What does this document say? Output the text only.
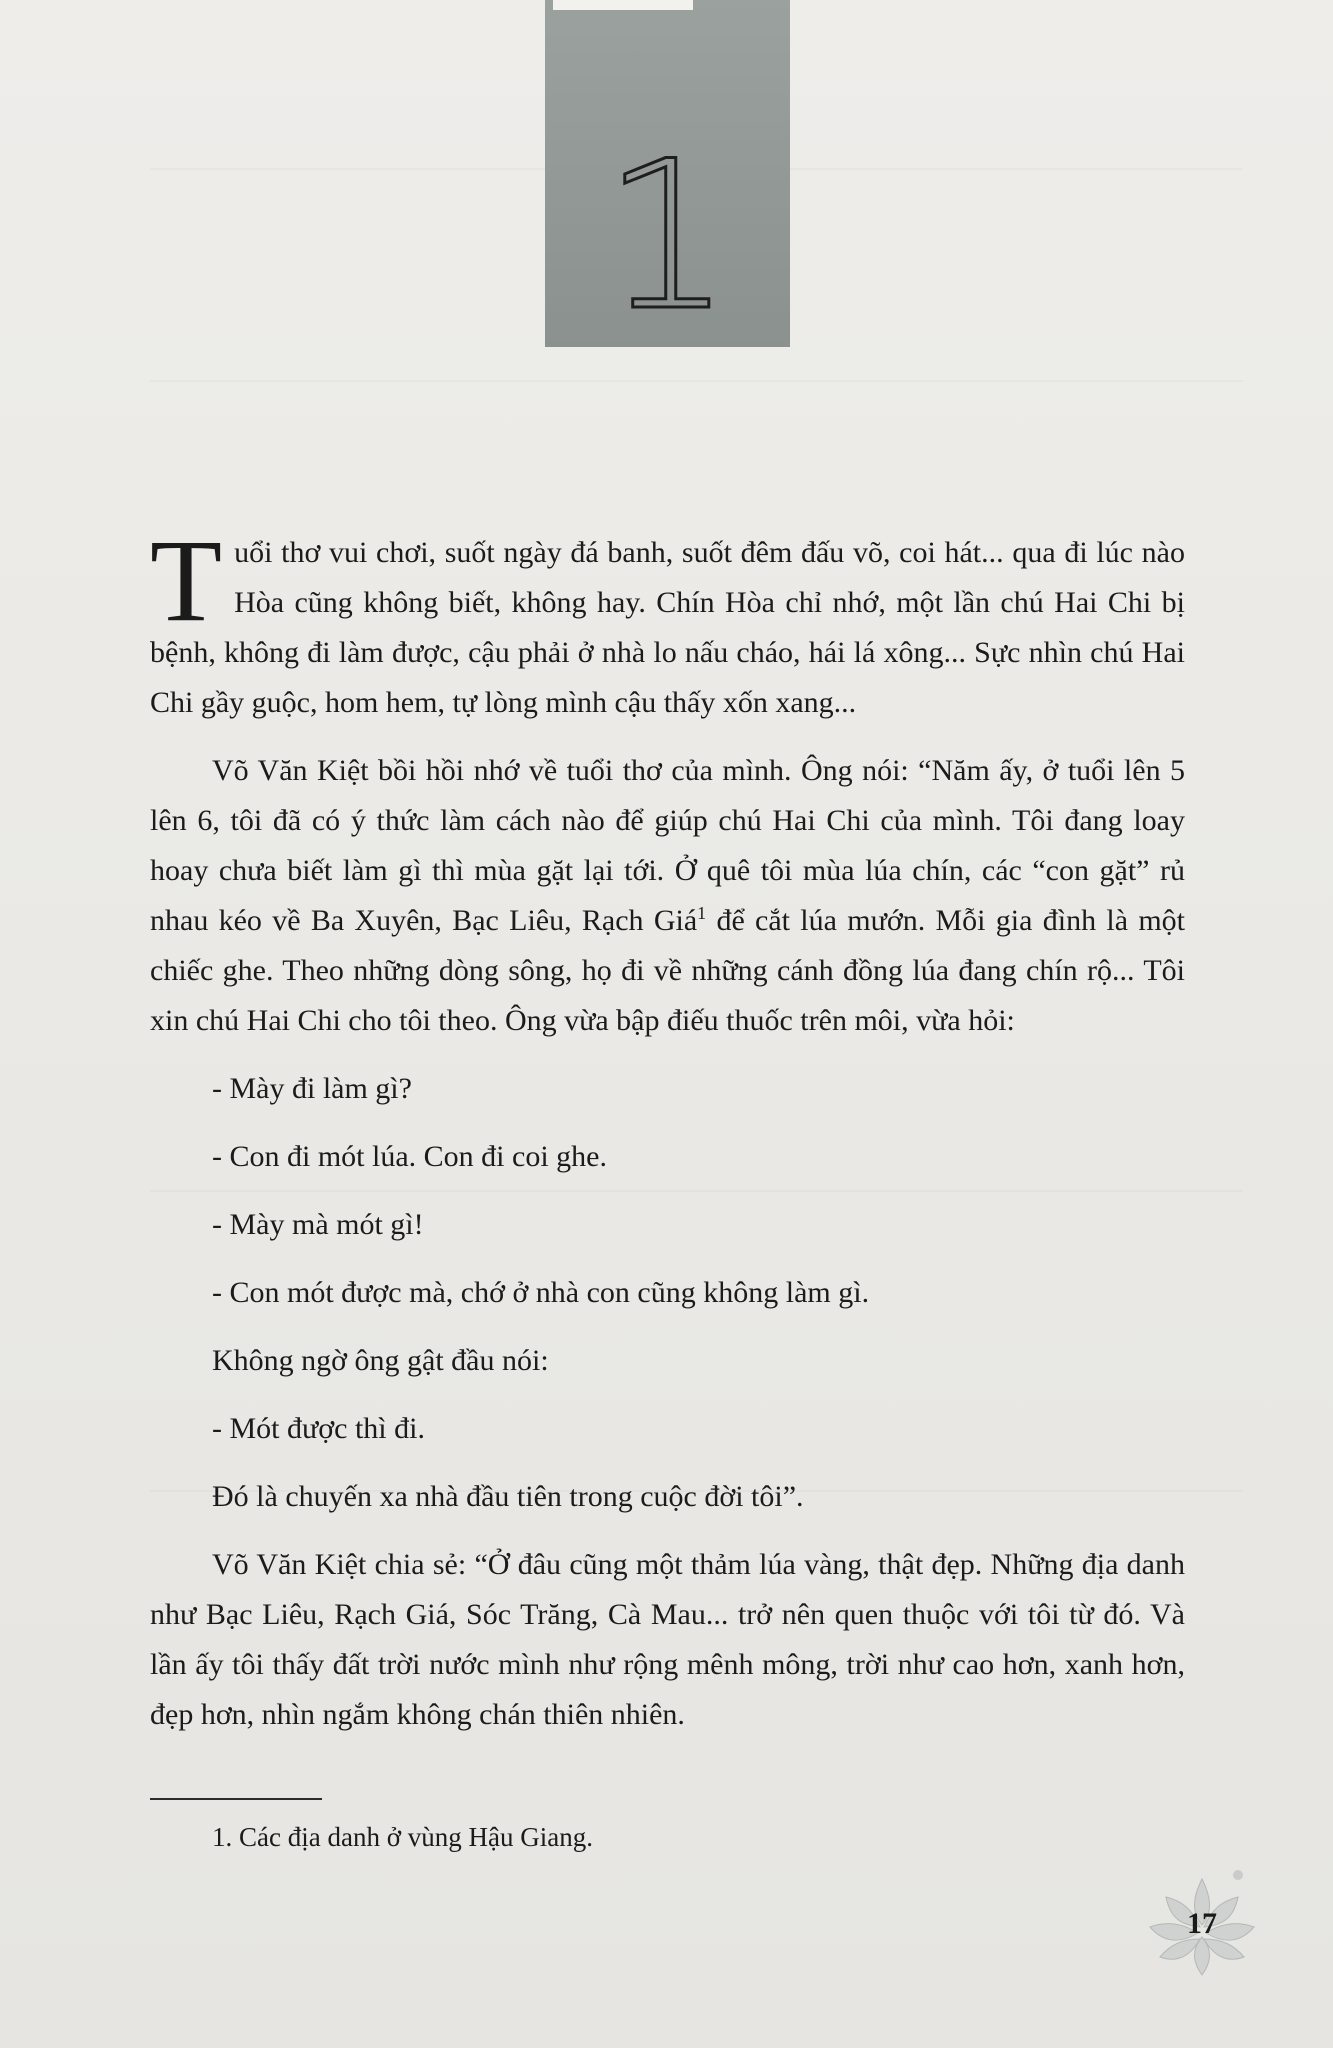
1

Tuổi thơ vui chơi, suốt ngày đá banh, suốt đêm đấu võ, coi hát... qua đi lúc nào Hòa cũng không biết, không hay. Chín Hòa chỉ nhớ, một lần chú Hai Chi bị bệnh, không đi làm được, cậu phải ở nhà lo nấu cháo, hái lá xông... Sực nhìn chú Hai Chi gầy guộc, hom hem, tự lòng mình cậu thấy xốn xang...

Võ Văn Kiệt bồi hồi nhớ về tuổi thơ của mình. Ông nói: “Năm ấy, ở tuổi lên 5 lên 6, tôi đã có ý thức làm cách nào để giúp chú Hai Chi của mình. Tôi đang loay hoay chưa biết làm gì thì mùa gặt lại tới. Ở quê tôi mùa lúa chín, các “con gặt” rủ nhau kéo về Ba Xuyên, Bạc Liêu, Rạch Giá$^1$ để cắt lúa mướn. Mỗi gia đình là một chiếc ghe. Theo những dòng sông, họ đi về những cánh đồng lúa đang chín rộ... Tôi xin chú Hai Chi cho tôi theo. Ông vừa bập điếu thuốc trên môi, vừa hỏi:

- Mày đi làm gì?

- Con đi mót lúa. Con đi coi ghe.

- Mày mà mót gì!

- Con mót được mà, chớ ở nhà con cũng không làm gì.

Không ngờ ông gật đầu nói:

- Mót được thì đi.

Đó là chuyến xa nhà đầu tiên trong cuộc đời tôi”.

Võ Văn Kiệt chia sẻ: “Ở đâu cũng một thảm lúa vàng, thật đẹp. Những địa danh như Bạc Liêu, Rạch Giá, Sóc Trăng, Cà Mau... trở nên quen thuộc với tôi từ đó. Và lần ấy tôi thấy đất trời nước mình như rộng mênh mông, trời như cao hơn, xanh hơn, đẹp hơn, nhìn ngắm không chán thiên nhiên.

1. Các địa danh ở vùng Hậu Giang.

17
